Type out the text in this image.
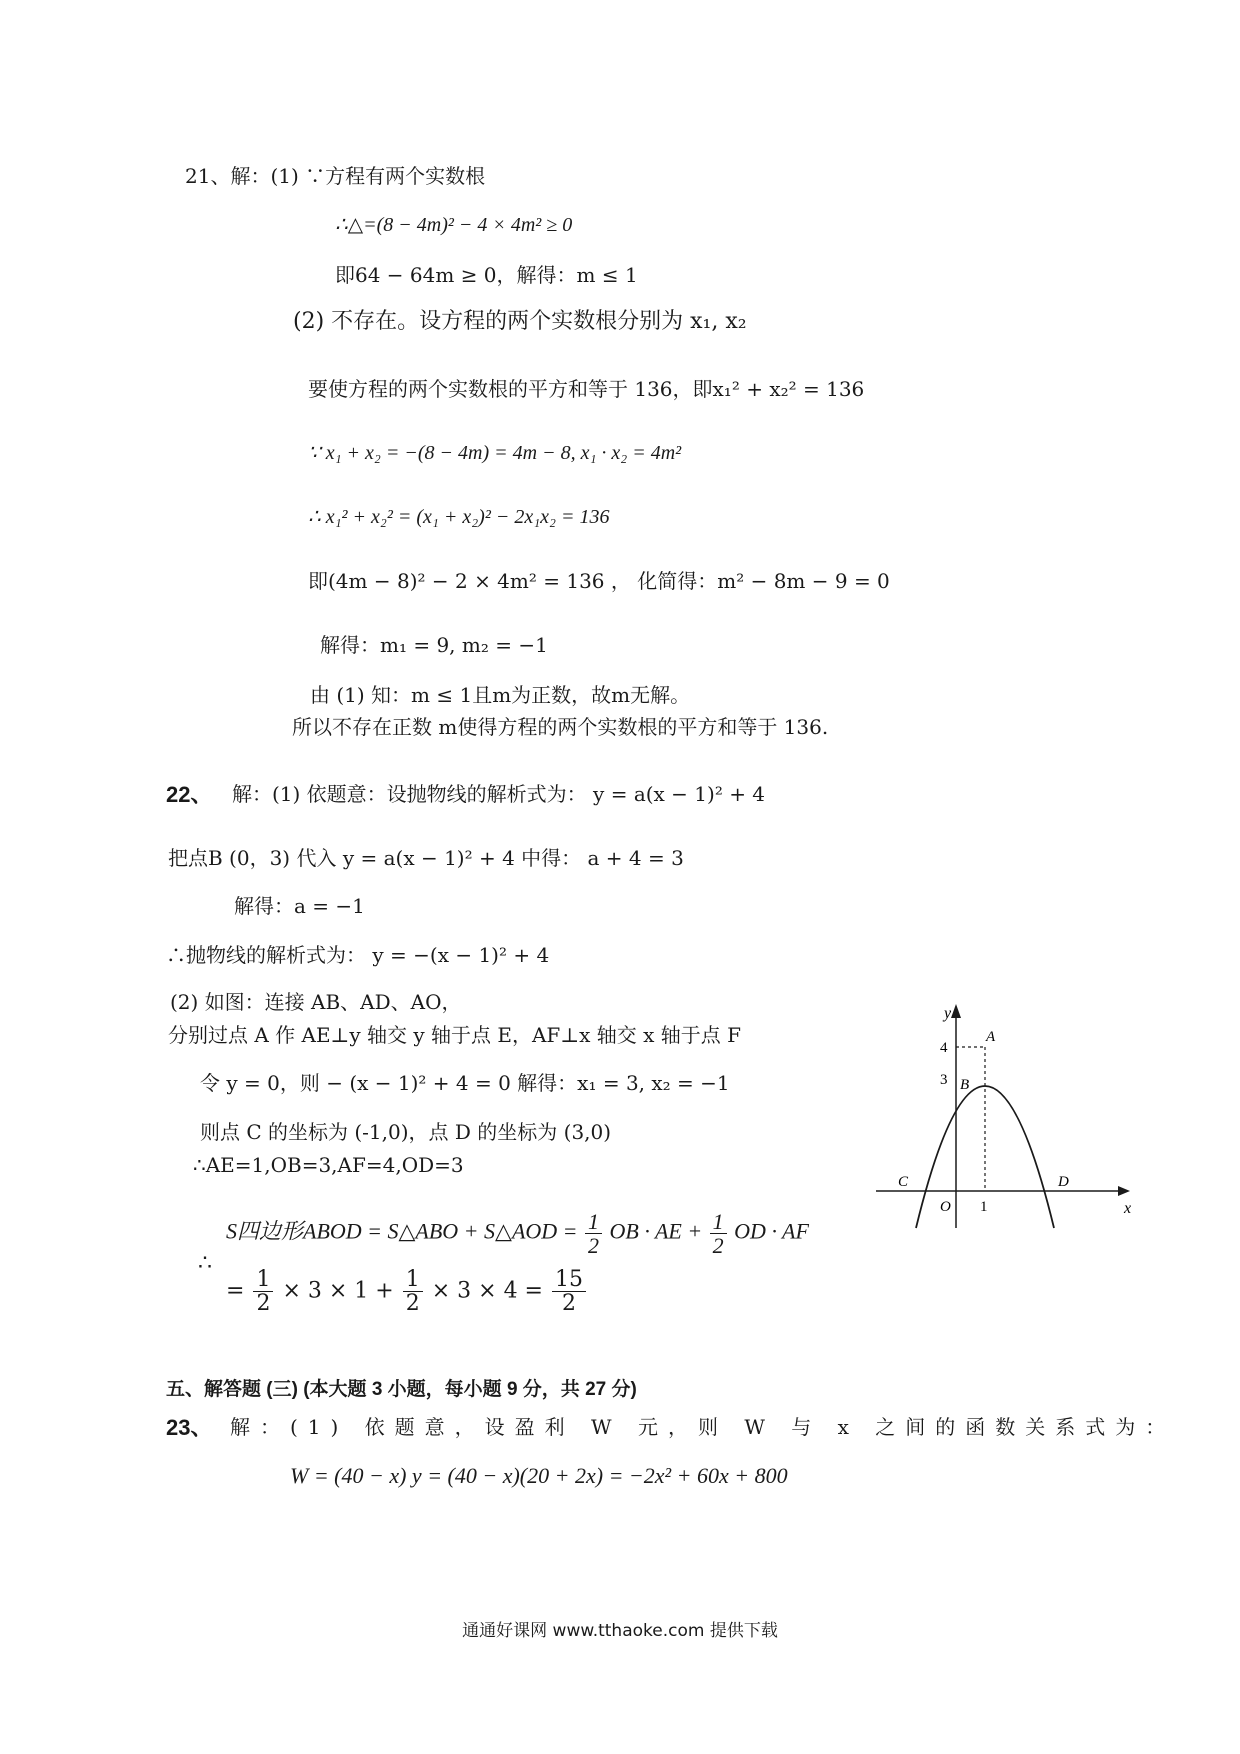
21、解：(1) ∵方程有两个实数根
∴△=(8 − 4m)² − 4 × 4m² ≥ 0
即64 − 64m ≥ 0，解得：m ≤ 1
(2) 不存在。设方程的两个实数根分别为 x₁, x₂
要使方程的两个实数根的平方和等于 136，即x₁² + x₂² = 136
∵ x₁ + x₂ = −(8 − 4m) = 4m − 8, x₁ · x₂ = 4m²
∴ x₁² + x₂² = (x₁ + x₂)² − 2x₁x₂ = 136
即(4m − 8)² − 2 × 4m² = 136 ， 化简得：m² − 8m − 9 = 0
解得：m₁ = 9, m₂ = −1
由 (1) 知：m ≤ 1且m为正数，故m无解。
所以不存在正数 m使得方程的两个实数根的平方和等于 136.
22、 解：(1) 依题意：设抛物线的解析式为： y = a(x − 1)² + 4
把点B (0，3) 代入 y = a(x − 1)² + 4 中得： a + 4 = 3
解得：a = −1
∴抛物线的解析式为： y = −(x − 1)² + 4
(2) 如图：连接 AB、AD、AO，
分别过点 A 作 AE⊥y 轴交 y 轴于点 E，AF⊥x 轴交 x 轴于点 F
令 y = 0，则 − (x − 1)² + 4 = 0 解得：x₁ = 3, x₂ = −1
则点 C 的坐标为 (-1,0)，点 D 的坐标为 (3,0)
∴AE=1,OB=3,AF=4,OD=3
S四边形ABOD = S△ABO + S△AOD = $\frac{1}{2}$ OB · AE + $\frac{1}{2}$ OD · AF
∴
= $\frac{1}{2} \times 3 \times 1 + \frac{1}{2} \times 3 \times 4 = \frac{15}{2}$
y
x
4
3
A
B
C	D
O 1
五、解答题 (三) (本大题 3 小题，每小题 9 分，共 27 分)
23、 解：(1) 依题意，设盈利 W 元，则 W 与 x 之间的函数关系式为：
W = (40 − x) y = (40 − x)(20 + 2x) = −2x² + 60x + 800
通通好课网 www.tthaoke.com 提供下载
